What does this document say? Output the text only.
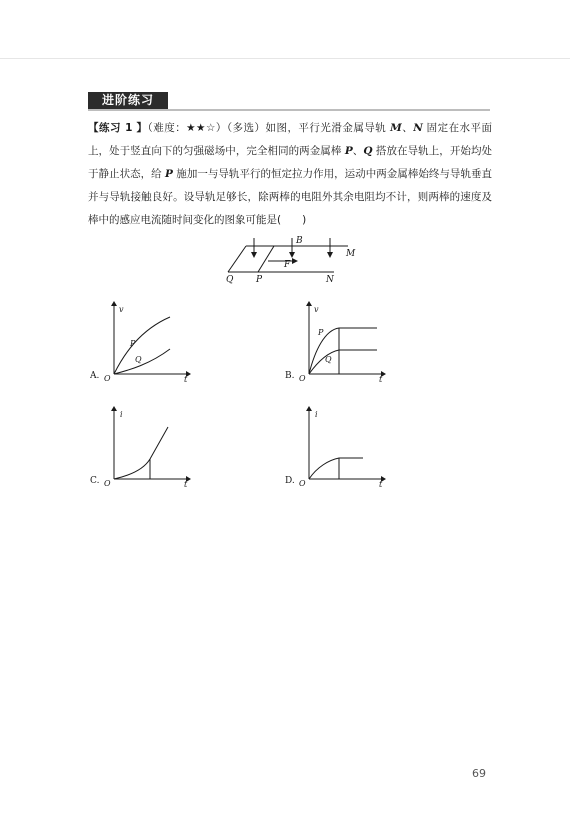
进阶练习
【练习 1 】（难度：★★☆）（多选）如图，平行光滑金属导轨 M、N 固定在水平面上，处于竖直向下的匀强磁场中，完全相同的两金属棒 P、Q 搭放在导轨上，开始均处于静止状态，给 P 施加一与导轨平行的恒定拉力作用，运动中两金属棒始终与导轨垂直并与导轨接触良好。设导轨足够长，除两棒的电阻外其余电阻均不计，则两棒的速度及棒中的感应电流随时间变化的图象可能是(　　)
B
M
F
Q	P	N
A. O
v
t
P
Q
B. O
v
t
P
Q
C. O
i
t	D. O
i
t
69
